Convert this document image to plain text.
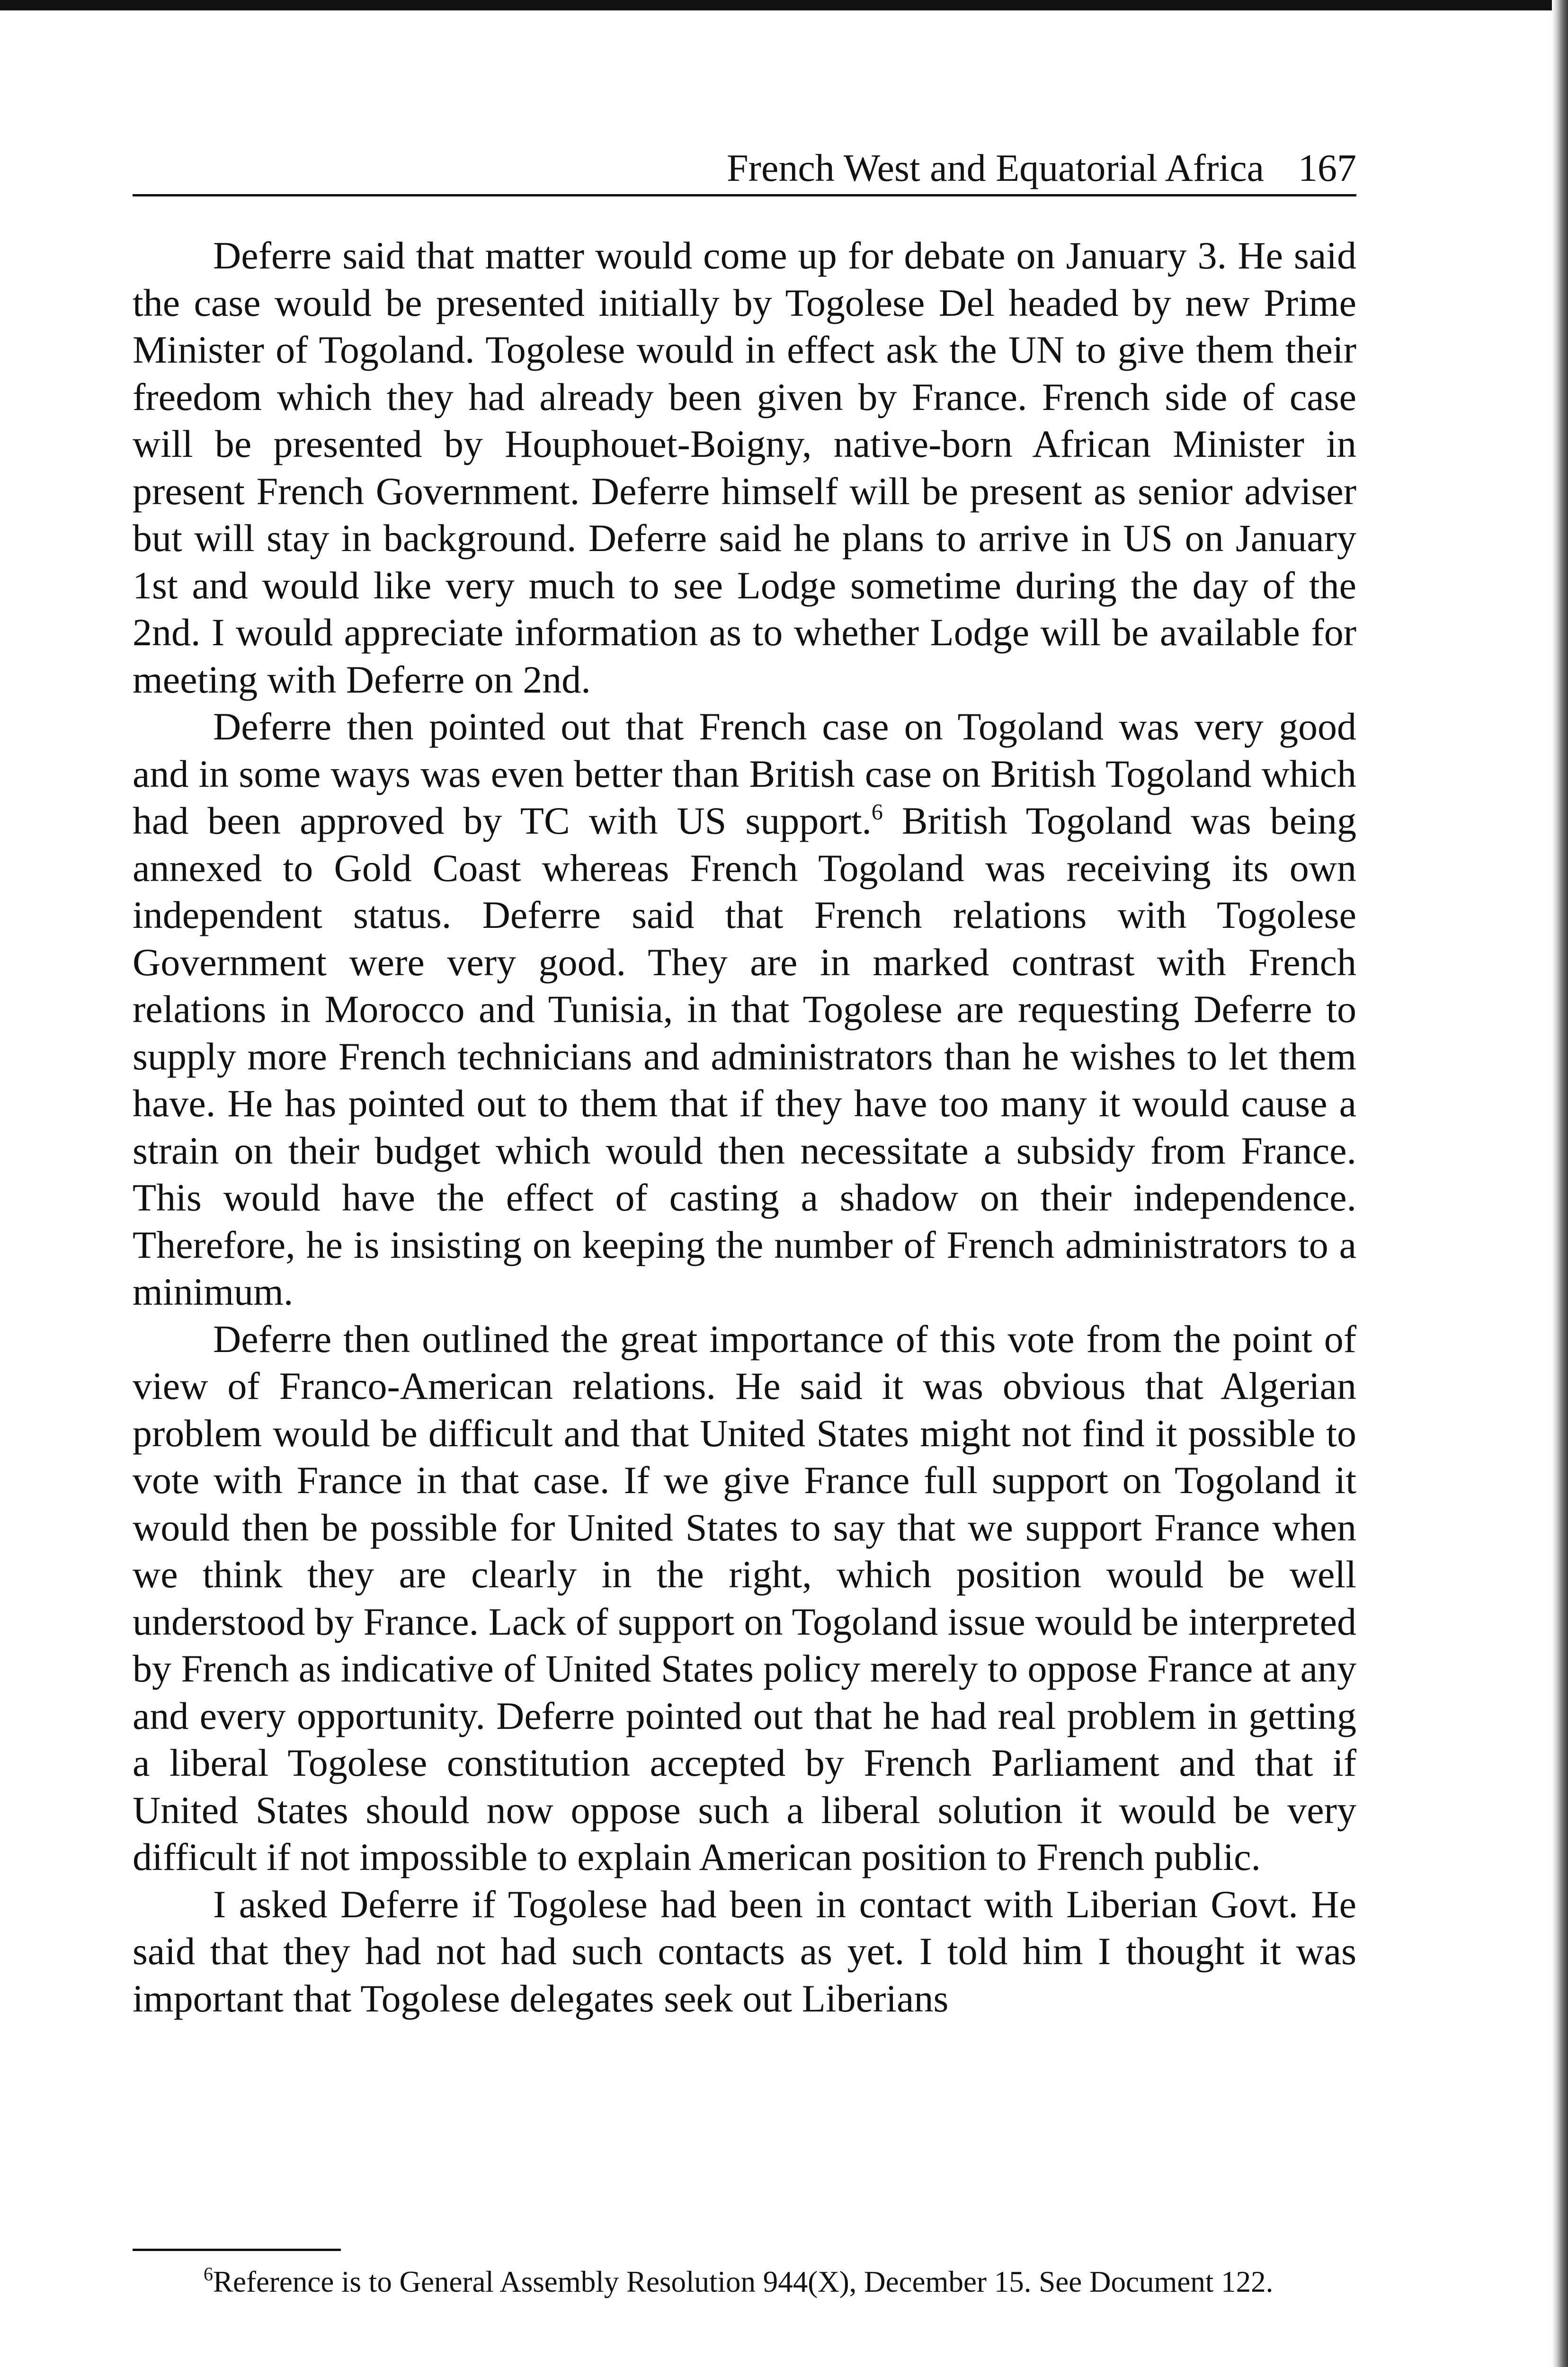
French West and Equatorial Africa 167

Deferre said that matter would come up for debate on January 3. He said the case would be presented initially by Togolese Del headed by new Prime Minister of Togoland. Togolese would in effect ask the UN to give them their freedom which they had already been given by France. French side of case will be presented by Houphouet-Boigny, native-born African Minister in present French Government. Deferre himself will be present as senior adviser but will stay in background. Deferre said he plans to arrive in US on January 1st and would like very much to see Lodge sometime during the day of the 2nd. I would appreciate information as to whether Lodge will be available for meeting with Deferre on 2nd.

Deferre then pointed out that French case on Togoland was very good and in some ways was even better than British case on British Togoland which had been approved by TC with US support.$^6$ British Togoland was being annexed to Gold Coast whereas French Togoland was receiving its own independent status. Deferre said that French relations with Togolese Government were very good. They are in marked contrast with French relations in Morocco and Tunisia, in that Togolese are requesting Deferre to supply more French technicians and administrators than he wishes to let them have. He has pointed out to them that if they have too many it would cause a strain on their budget which would then necessitate a subsidy from France. This would have the effect of casting a shadow on their independence. Therefore, he is insisting on keeping the number of French administrators to a minimum.

Deferre then outlined the great importance of this vote from the point of view of Franco-American relations. He said it was obvious that Algerian problem would be difficult and that United States might not find it possible to vote with France in that case. If we give France full support on Togoland it would then be possible for United States to say that we support France when we think they are clearly in the right, which position would be well understood by France. Lack of support on Togoland issue would be interpreted by French as indicative of United States policy merely to oppose France at any and every opportunity. Deferre pointed out that he had real problem in getting a liberal Togolese constitution accepted by French Parliament and that if United States should now oppose such a liberal solution it would be very difficult if not impossible to explain American position to French public.

I asked Deferre if Togolese had been in contact with Liberian Govt. He said that they had not had such contacts as yet. I told him I thought it was important that Togolese delegates seek out Liberians

$^6$Reference is to General Assembly Resolution 944(X), December 15. See Document 122.
